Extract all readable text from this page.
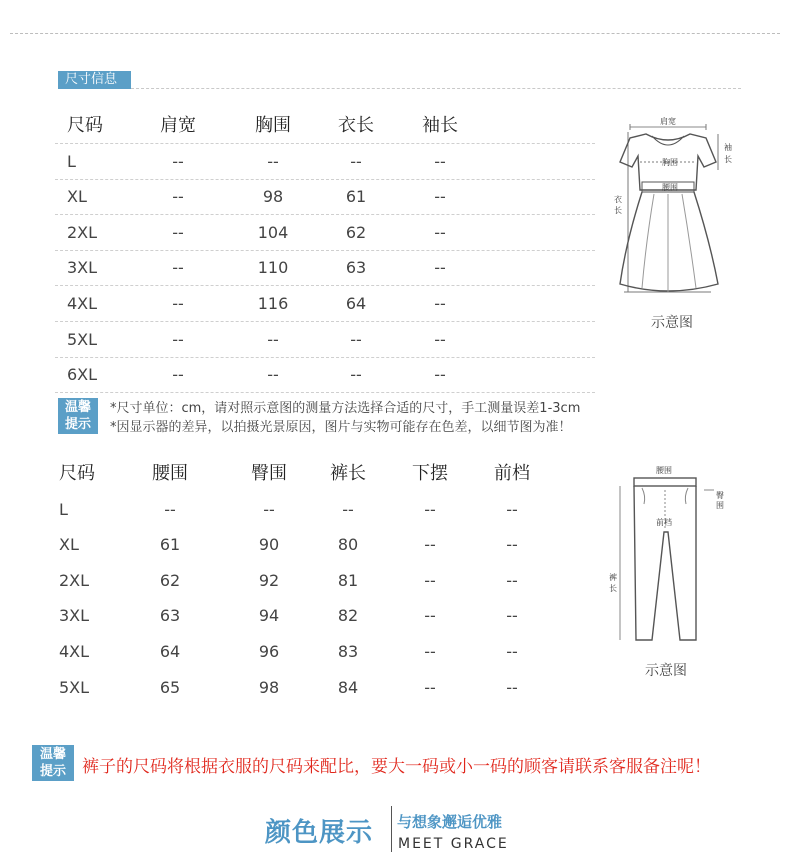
尺寸信息
尺码	肩宽	胸围	衣长	袖长
L	--	--	--	--
XL	--	98	61	--
2XL	--	104	62	--
3XL	--	110	63	--
4XL	--	116	64	--
5XL	--	--	--	--
6XL	--	--	--	--
温馨
提示
*尺寸单位：cm，请对照示意图的测量方法选择合适的尺寸，手工测量误差1-3cm
*因显示器的差异，以拍摄光景原因，图片与实物可能存在色差，以细节图为准！
肩宽
胸围
腰围
袖
长
衣
长
示意图
尺码	腰围	臀围	裤长	下摆	前档
L	--	--	--	--	--
XL	61	90	80	--	--
2XL	62	92	81	--	--
3XL	63	94	82	--	--
4XL	64	96	83	--	--
5XL	65	98	84	--	--
腰围
前档
臀
围
裤
长
示意图
温馨
提示 裤子的尺码将根据衣服的尺码来配比，要大一码或小一码的顾客请联系客服备注呢！
颜色展示 与想象邂逅优雅
MEET GRACE
